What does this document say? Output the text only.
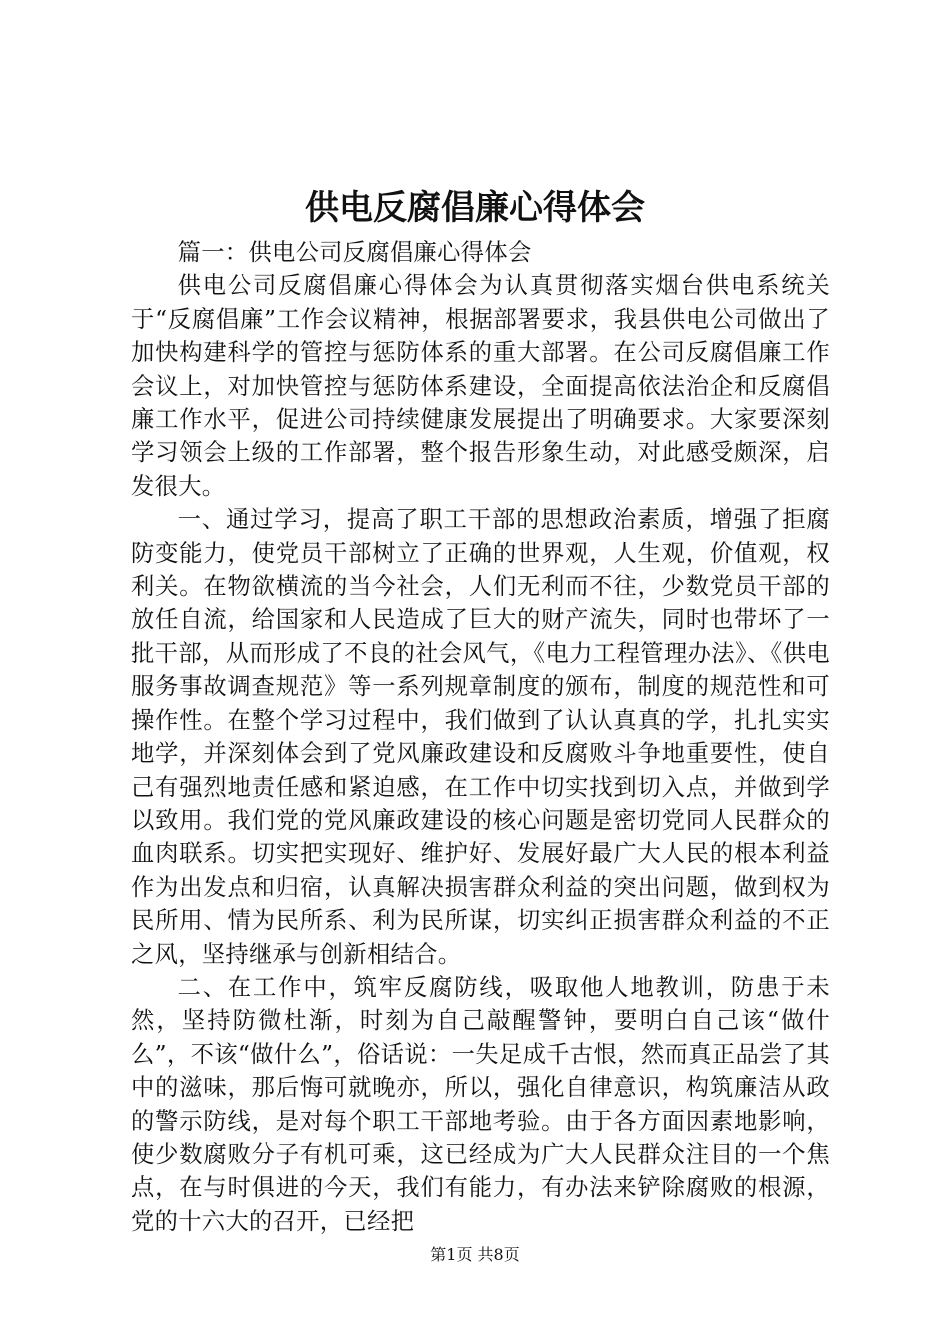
供电反腐倡廉心得体会

篇一：供电公司反腐倡廉心得体会

供电公司反腐倡廉心得体会为认真贯彻落实烟台供电系统关于“反腐倡廉”工作会议精神，根据部署要求，我县供电公司做出了加快构建科学的管控与惩防体系的重大部署。在公司反腐倡廉工作会议上，对加快管控与惩防体系建设，全面提高依法治企和反腐倡廉工作水平，促进公司持续健康发展提出了明确要求。大家要深刻学习领会上级的工作部署，整个报告形象生动，对此感受颇深，启发很大。

一、通过学习，提高了职工干部的思想政治素质，增强了拒腐防变能力，使党员干部树立了正确的世界观，人生观，价值观，权利关。在物欲横流的当今社会，人们无利而不往，少数党员干部的放任自流，给国家和人民造成了巨大的财产流失，同时也带坏了一批干部，从而形成了不良的社会风气，《电力工程管理办法》、《供电服务事故调查规范》等一系列规章制度的颁布，制度的规范性和可操作性。在整个学习过程中，我们做到了认认真真的学，扎扎实实地学，并深刻体会到了党风廉政建设和反腐败斗争地重要性，使自己有强烈地责任感和紧迫感，在工作中切实找到切入点，并做到学以致用。我们党的党风廉政建设的核心问题是密切党同人民群众的血肉联系。切实把实现好、维护好、发展好最广大人民的根本利益作为出发点和归宿，认真解决损害群众利益的突出问题，做到权为民所用、情为民所系、利为民所谋，切实纠正损害群众利益的不正之风，坚持继承与创新相结合。

二、在工作中，筑牢反腐防线，吸取他人地教训，防患于未然，坚持防微杜渐，时刻为自己敲醒警钟，要明白自己该“做什么”，不该“做什么”，俗话说：一失足成千古恨，然而真正品尝了其中的滋味，那后悔可就晚亦，所以，强化自律意识，构筑廉洁从政的警示防线，是对每个职工干部地考验。由于各方面因素地影响，使少数腐败分子有机可乘，这已经成为广大人民群众注目的一个焦点，在与时俱进的今天，我们有能力，有办法来铲除腐败的根源，党的十六大的召开，已经把

第1页 共8页
